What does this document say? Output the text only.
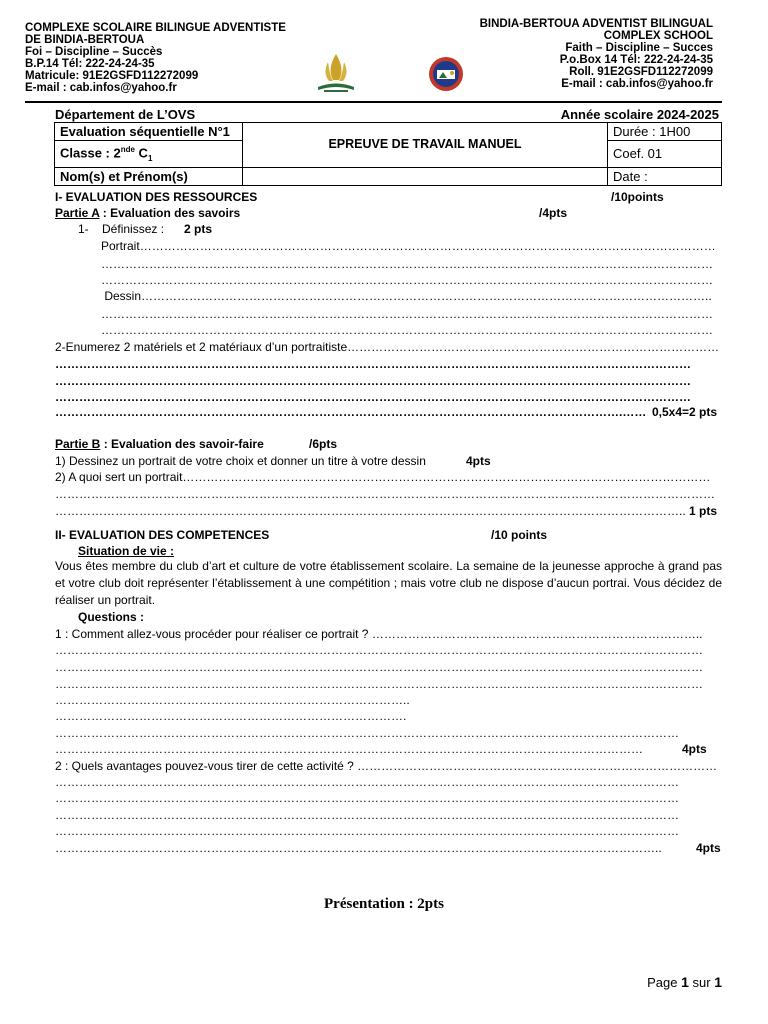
COMPLEXE SCOLAIRE BILINGUE ADVENTISTE
DE BINDIA-BERTOUA
Foi – Discipline – Succès
B.P.14 Tél: 222-24-24-35
Matricule: 91E2GSFD112272099
E-mail : cab.infos@yahoo.fr
BINDIA-BERTOUA ADVENTIST BILINGUAL
COMPLEX SCHOOL
Faith – Discipline – Succes
P.o.Box 14 Tél: 222-24-24-35
Roll. 91E2GSFD112272099
E-mail : cab.infos@yahoo.fr
Département de L’OVS	Année scolaire 2024-2025
Evaluation séquentielle N°1	EPREUVE DE TRAVAIL MANUEL	Durée : 1H00
Classe : 2nde $C_1$		Coef. 01
Nom(s) et Prénom(s)		Date :
I- EVALUATION DES RESSOURCES	/10points
Partie A : Evaluation des savoirs	/4pts
1- Définissez : 2 pts
Portrait………………………………………………………………………………………………………………………………
………………………………………………………………………………………………………………………………………
………………………………………………………………………………………………………………………………………
Dessin……………………………………………………………………………………………………………………………..
………………………………………………………………………………………………………………………………………
………………………………………………………………………………………………………………………………………
2-Enumerez 2 matériels et 2 matériaux d’un portraitiste…………………………………………………………………………………
……………………………………………………………………………………………………………………………………………
……………………………………………………………………………………………………………………………………………
……………………………………………………………………………………………………………………………………………
…………………………………………………………………………………………………………………………….…… 0,5x4=2 pts
Partie B : Evaluation des savoir-faire	/6pts
1) Dessinez un portrait de votre choix et donner un titre à votre dessin	4pts
2) A quoi sert un portrait……………………………………………………………………………………………………………………
…………………………………………………………………………………………………………………………………………………
………………………………………………………………………………………………………………………………………….. 1 pts
II- EVALUATION DES COMPETENCES	/10 points
Situation de vie :
Vous êtes membre du club d’art et culture de votre établissement scolaire. La semaine de la jeunesse approche à grand pas et votre club doit représenter l’établissement à une compétition ; mais votre club ne dispose d’aucun portrai. Vous décidez de réaliser un portrait.
Questions :
1 : Comment allez-vous procéder pour réaliser ce portrait ? ………………………………………………………………………..
………………………………………………………………………………………………………………………………………………
………………………………………………………………………………………………………………………………………………
………………………………………………………………………………………………………………………………………………
……………………………………………………………………………..
…………………………………………………………………………….
…………………………………………………………………………………………………………………………………………
…………………………………………………………………………………………………………………………………	4pts
2 : Quels avantages pouvez-vous tirer de cette activité ? ………………………………………………………………………………
…………………………………………………………………………………………………………………………………………
…………………………………………………………………………………………………………………………………………
…………………………………………………………………………………………………………………………………………
…………………………………………………………………………………………………………………………………………
……………………………………………………………………………………………………………………………………..	4pts
Présentation : 2pts
Page 1 sur 1
